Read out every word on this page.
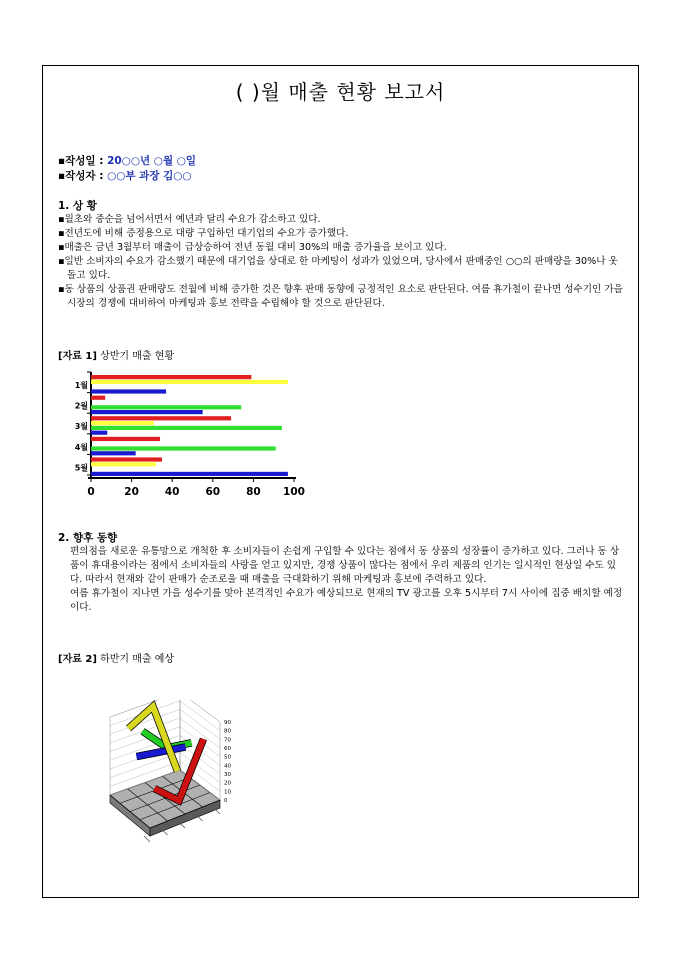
( )월 매출 현황 보고서
▪작성일 : 20○○년 ○월 ○일
▪작성자 : ○○부 과장 김○○
1. 상 황
▪월초와 중순을 넘어서면서 예년과 달리 수요가 감소하고 있다.
▪전년도에 비해 증정용으로 대량 구입하던 대기업의 수요가 증가했다.
▪매출은 금년 3월부터 매출이 급상승하여 전년 동월 대비 30%의 매출 증가율을 보이고 있다.
▪일반 소비자의 수요가 감소했기 때문에 대기업을 상대로 한 마케팅이 성과가 있었으며, 당사에서 판매중인 ○○의 판매량을 30%나 웃돌고 있다.
▪동 상품의 상품권 판매량도 전월에 비해 증가한 것은 향후 판매 동향에 긍정적인 요소로 판단된다. 여름 휴가철이 끝나면 성수기인 가을 시장의 경쟁에 대비하여 마케팅과 홍보 전략을 수립해야 할 것으로 판단된다.
[자료 1] 상반기 매출 현황
1월
2월
3월
4월
5월
0	20 40 60 80 100
2. 향후 동향
편의점을 새로운 유통망으로 개척한 후 소비자들이 손쉽게 구입할 수 있다는 점에서 동 상품의 성장률이 증가하고 있다. 그러나 동 상품이 휴대용이라는 점에서 소비자들의 사랑을 얻고 있지만, 경쟁 상품이 많다는 점에서 우리 제품의 인기는 일시적인 현상일 수도 있다. 따라서 현재와 같이 판매가 순조로울 때 매출을 극대화하기 위해 마케팅과 홍보에 주력하고 있다.
여름 휴가철이 지나면 가을 성수기를 맞아 본격적인 수요가 예상되므로 현재의 TV 광고를 오후 5시부터 7시 사이에 집중 배치할 예정이다.
[자료 2] 하반기 매출 예상
0
10
20
30
40
50
60
70
80
90
